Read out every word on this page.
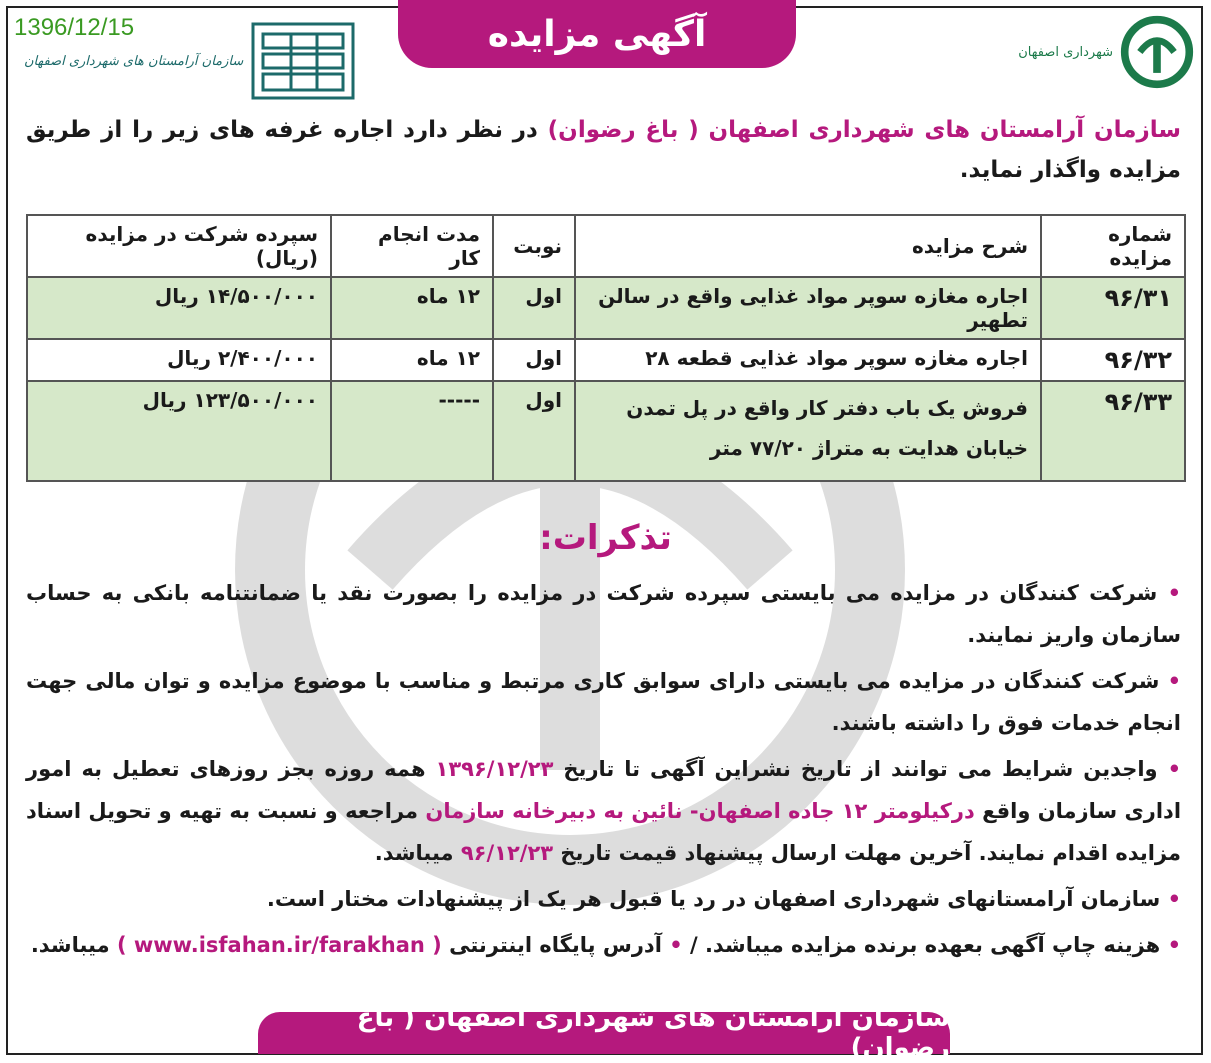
1396/12/15	آگهی مزایده	شهرداری اصفهان
سازمان آرامستان های شهرداری اصفهان
سازمان آرامستان های شهرداری اصفهان ( باغ رضوان) در نظر دارد اجاره غرفه های زیر را از طریق مزایده واگذار نماید.
شماره مزایده	شرح مزایده	نوبت	مدت انجام کار	سپرده شرکت در مزایده (ریال)
۹۶/۳۱	اجاره مغازه سوپر مواد غذایی واقع در سالن تطهیر	اول	۱۲ ماه	۱۴/۵۰۰/۰۰۰ ریال
۹۶/۳۲	اجاره مغازه سوپر مواد غذایی قطعه ۲۸	اول	۱۲ ماه	۲/۴۰۰/۰۰۰ ریال
۹۶/۳۳	فروش یک باب دفتر کار واقع در پل تمدن خیابان هدایت به متراژ ۷۷/۲۰ متر	اول	-----	۱۲۳/۵۰۰/۰۰۰ ریال
تذکرات:
• شرکت کنندگان در مزایده می بایستی سپرده شرکت در مزایده را بصورت نقد یا ضمانتنامه بانکی به حساب سازمان واریز نمایند.
• شرکت کنندگان در مزایده می بایستی دارای سوابق کاری مرتبط و مناسب با موضوع مزایده و توان مالی جهت انجام خدمات فوق را داشته باشند.
• واجدین شرایط می توانند از تاریخ نشراین آگهی تا تاریخ ۱۳۹۶/۱۲/۲۳ همه روزه بجز روزهای تعطیل به امور اداری سازمان واقع درکیلومتر ۱۲ جاده اصفهان- نائین به دبیرخانه سازمان مراجعه و نسبت به تهیه و تحویل اسناد مزایده اقدام نمایند. آخرین مهلت ارسال پیشنهاد قیمت تاریخ ۹۶/۱۲/۲۳ میباشد.
• سازمان آرامستانهای شهرداری اصفهان در رد یا قبول هر یک از پیشنهادات مختار است.
• هزینه چاپ آگهی بعهده برنده مزایده میباشد. / • آدرس پایگاه اینترنتی ( www.isfahan.ir/farakhan ) میباشد.
سازمان آرامستان های شهرداری اصفهان ( باغ رضوان)
